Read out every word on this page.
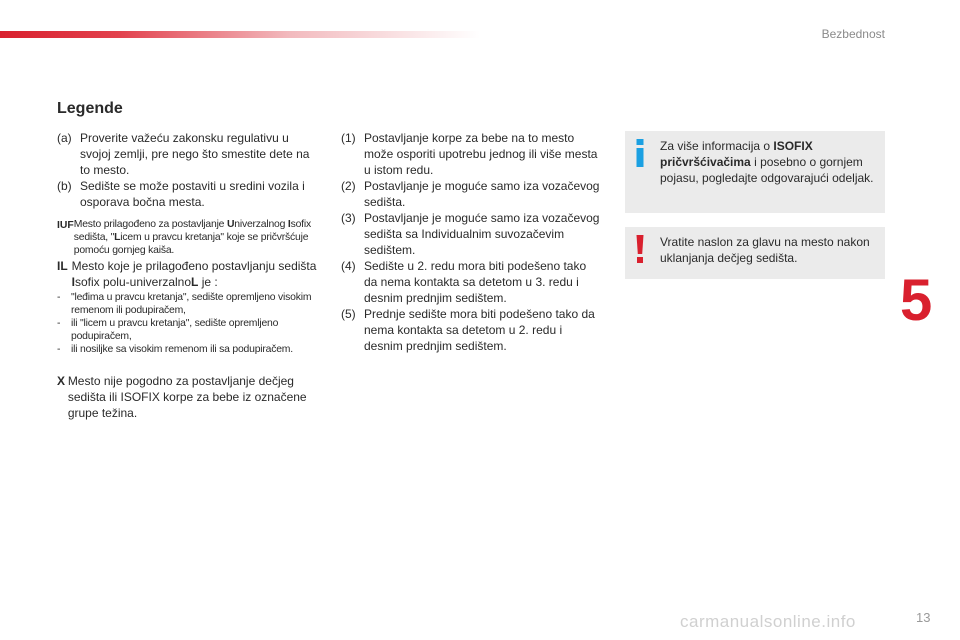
Bezbednost
5
carmanualsonline.info	13
Legende
(a) Proverite važeću zakonsku regulativu u svojoj zemlji, pre nego što smestite dete na to mesto.
(b) Sedište se može postaviti u sredini vozila i osporava bočna mesta.
IUF Mesto prilagođeno za postavljanje Univerzalnog Isofix sedišta, "Licem u pravcu kretanja" koje se pričvršćuje pomoću gornjeg kaiša.
IL Mesto koje je prilagođeno postavljanju sedišta Isofix polu-univerzalnoL je :
-	"leđima u pravcu kretanja", sedište opremljeno visokim remenom ili podupiračem,
-	ili "licem u pravcu kretanja", sedište opremljeno podupiračem,
-	ili nosiljke sa visokim remenom ili sa podupiračem.
X Mesto nije pogodno za postavljanje dečjeg sedišta ili ISOFIX korpe za bebe iz označene grupe težina.
(1) Postavljanje korpe za bebe na to mesto može osporiti upotrebu jednog ili više mesta u istom redu.
(2) Postavljanje je moguće samo iza vozačevog sedišta.
(3) Postavljanje je moguće samo iza vozačevog sedišta sa Individualnim suvozačevim sedištem.
(4) Sedište u 2. redu mora biti podešeno tako da nema kontakta sa detetom u 3. redu i desnim prednjim sedištem.
(5) Prednje sedište mora biti podešeno tako da nema kontakta sa detetom u 2. redu i desnim prednjim sedištem.
Za više informacija o ISOFIX pričvršćivačima i posebno o gornjem pojasu, pogledajte odgovarajući odeljak.
Vratite naslon za glavu na mesto nakon uklanjanja dečjeg sedišta.
